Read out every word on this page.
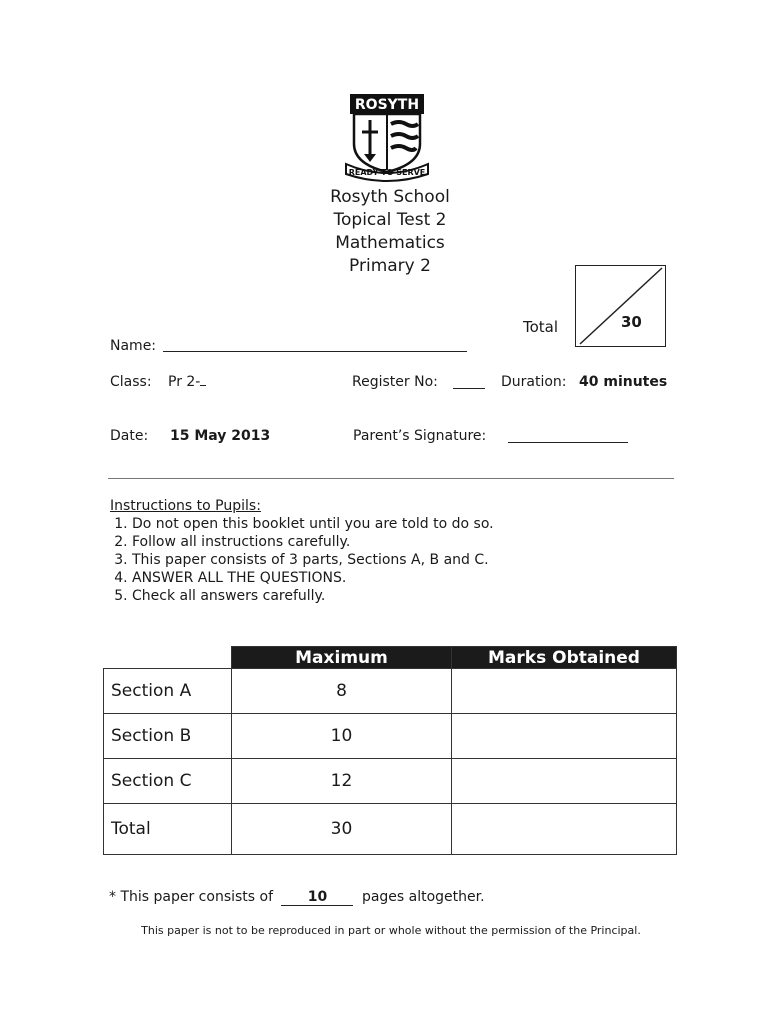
ROSYTH
READY TO SERVE
Rosyth School
Topical Test 2
Mathematics
Primary 2
Total	30
Name:
Class: Pr 2-	Register No:	Duration: 40 minutes
Date: 15 May 2013	Parent’s Signature:
Instructions to Pupils:
1. Do not open this booklet until you are told to do so.
2. Follow all instructions carefully.
3. This paper consists of 3 parts, Sections A, B and C.
4. ANSWER ALL THE QUESTIONS.
5. Check all answers carefully.
	Maximum	Marks Obtained
Section A	8	
Section B	10	
Section C	12	
Total	30	
* This paper consists of 10 pages altogether.
This paper is not to be reproduced in part or whole without the permission of the Principal.
